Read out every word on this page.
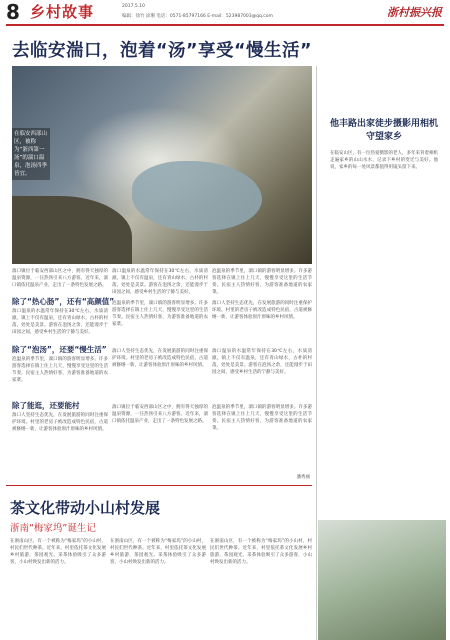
8 乡村故事	2017.5.10
编辑：徐竹 涂珊 电话：0571-85797166 E-mail：523987003@qq.com	浙村振兴报
去临安湍口，泡着“汤”享受“慢生活”
在临安西部山区，被称为“浙西第一汤”的湍口温泉，泡汤四季皆宜。
湍口镇位于临安西部山区之中，拥有得天独厚的温泉资源，一汪热汤引来八方游客。近年来，湍口镇依托温泉产业，走出了一条特色发展之路。
湍口温泉的水温常年保持在30℃左右，水质清澈。镇上不仅有温泉，还有青山绿水，古朴的村落，处处是美景。游客在泡汤之余，还能漫步于田园之间，感受乡村生活的宁静与美好。
泡温泉的季节里，湍口镇的游客明显增多。许多游客选择在镇上住上几天，慢慢享受这里的生活节奏。民宿主人热情好客，为游客准备地道的农家菜。
除了“热心肠”，还有“高颜值”
湍口温泉的水温常年保持在30℃左右，水质清澈。镇上不仅有温泉，还有青山绿水，古朴的村落，处处是美景。游客在泡汤之余，还能漫步于田园之间，感受乡村生活的宁静与美好。
泡温泉的季节里，湍口镇的游客明显增多。许多游客选择在镇上住上几天，慢慢享受这里的生活节奏。民宿主人热情好客，为游客准备地道的农家菜。
湍口人坚持生态优先，在发展旅游的同时注重保护环境。村里的老房子被改造成特色民宿，古道被修缮一新，让游客体验原汁原味的乡村风情。
除了“泡汤”，还要“慢生活”
泡温泉的季节里，湍口镇的游客明显增多。许多游客选择在镇上住上几天，慢慢享受这里的生活节奏。民宿主人热情好客，为游客准备地道的农家菜。
湍口人坚持生态优先，在发展旅游的同时注重保护环境。村里的老房子被改造成特色民宿，古道被修缮一新，让游客体验原汁原味的乡村风情。
湍口温泉的水温常年保持在30℃左右，水质清澈。镇上不仅有温泉，还有青山绿水，古朴的村落，处处是美景。游客在泡汤之余，还能漫步于田园之间，感受乡村生活的宁静与美好。
除了能逛，还要能村
湍口人坚持生态优先，在发展旅游的同时注重保护环境。村里的老房子被改造成特色民宿，古道被修缮一新，让游客体验原汁原味的乡村风情。
湍口镇位于临安西部山区之中，拥有得天独厚的温泉资源，一汪热汤引来八方游客。近年来，湍口镇依托温泉产业，走出了一条特色发展之路。
泡温泉的季节里，湍口镇的游客明显增多。许多游客选择在镇上住上几天，慢慢享受这里的生活节奏。民宿主人热情好客，为游客准备地道的农家菜。
潘秀丽
他丰路出家徒步摄影用相机守望家乡
在临安山区，有一位热爱摄影的老人，多年来背着相机走遍家乡的山山水水，记录下乡村的变迁与美好。他说，家乡的每一处风景都值得用镜头留下来。
茶文化带动小山村发展
浙南“梅家坞”诞生记
在浙南山区，有一个被称为“梅家坞”的小山村，村民们世代种茶。近年来，村里依托茶文化发展乡村旅游，茶园观光、采茶体验吸引了众多游客，小山村焕发出新的活力。
在浙南山区，有一个被称为“梅家坞”的小山村，村民们世代种茶。近年来，村里依托茶文化发展乡村旅游，茶园观光、采茶体验吸引了众多游客，小山村焕发出新的活力。
在浙南山区，有一个被称为“梅家坞”的小山村，村民们世代种茶。近年来，村里依托茶文化发展乡村旅游，茶园观光、采茶体验吸引了众多游客，小山村焕发出新的活力。
